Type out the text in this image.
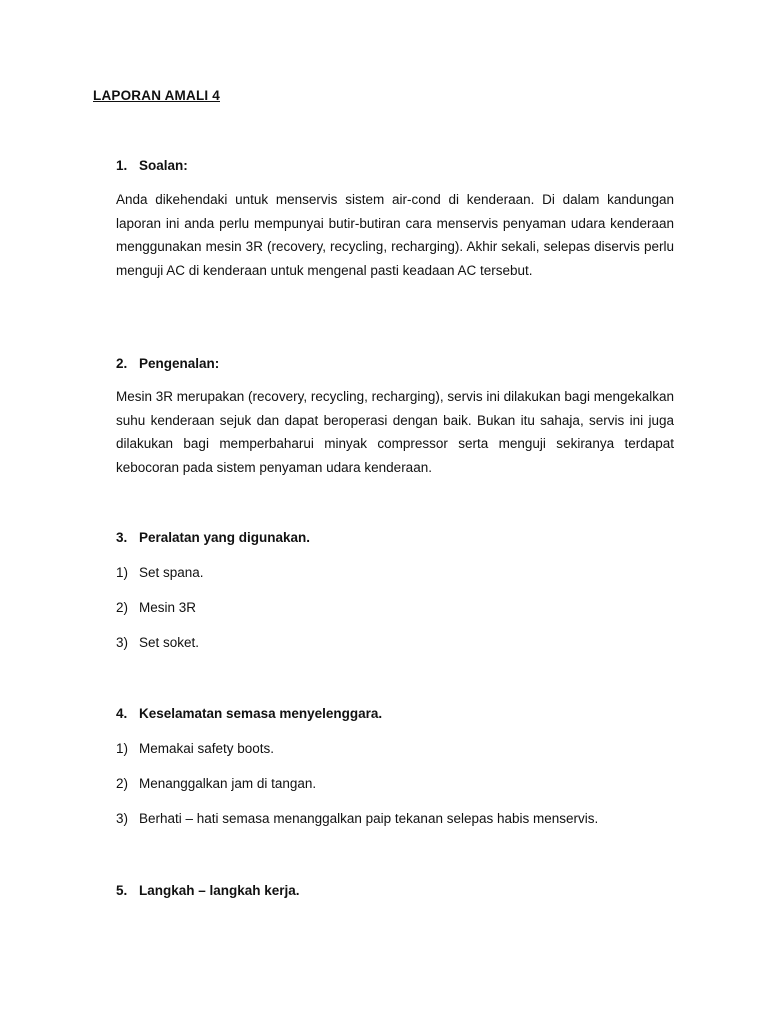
LAPORAN AMALI 4
1. Soalan:

Anda dikehendaki untuk menservis sistem air-cond di kenderaan. Di dalam kandungan laporan ini anda perlu mempunyai butir-butiran cara menservis penyaman udara kenderaan menggunakan mesin 3R (recovery, recycling, recharging). Akhir sekali, selepas diservis perlu menguji AC di kenderaan untuk mengenal pasti keadaan AC tersebut.

2. Pengenalan:

Mesin 3R merupakan (recovery, recycling, recharging), servis ini dilakukan bagi mengekalkan suhu kenderaan sejuk dan dapat beroperasi dengan baik. Bukan itu sahaja, servis ini juga dilakukan bagi memperbaharui minyak compressor serta menguji sekiranya terdapat kebocoran pada sistem penyaman udara kenderaan.

3. Peralatan yang digunakan.
1) Set spana.
2) Mesin 3R
3) Set soket.
4. Keselamatan semasa menyelenggara.
1) Memakai safety boots.
2) Menanggalkan jam di tangan.
3) Berhati – hati semasa menanggalkan paip tekanan selepas habis menservis.
5. Langkah – langkah kerja.
